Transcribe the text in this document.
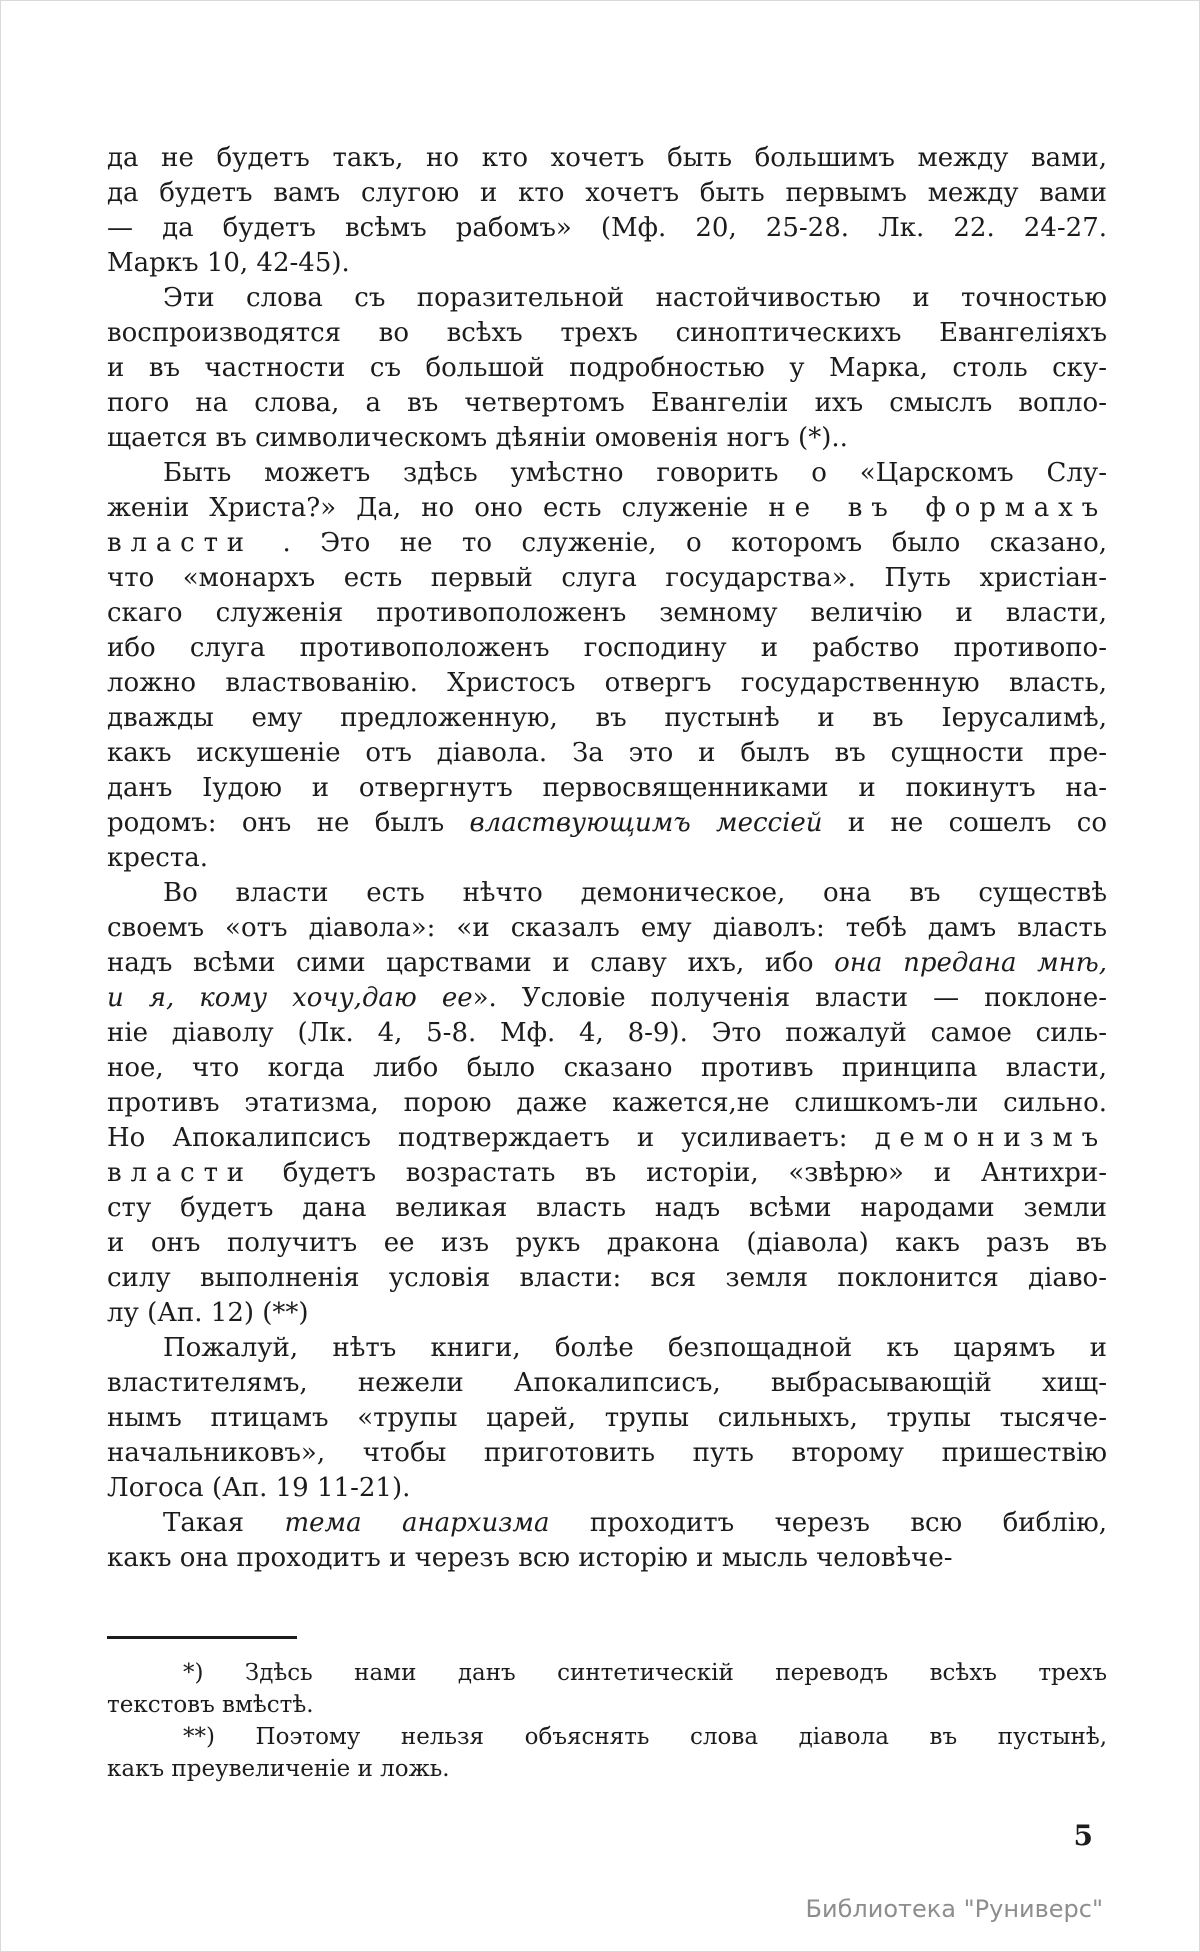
да не будетъ такъ, но кто хочетъ быть большимъ между вами,
да будетъ вамъ слугою и кто хочетъ быть первымъ между вами
— да будетъ всѣмъ рабомъ» (Мф. 20, 25-28. Лк. 22. 24-27.
Маркъ 10, 42-45).
Эти слова съ поразительной настойчивостью и точностью
воспроизводятся во всѣхъ трехъ синоптическихъ Евангеліяхъ
и въ частности съ большой подробностью у Марка, столь ску-
пого на слова, а въ четвертомъ Евангеліи ихъ смыслъ вопло-
щается въ символическомъ дѣяніи омовенія ногъ (*)..
Быть можетъ здѣсь умѣстно говорить о «Царскомъ Слу-
женіи Христа?» Да, но оно есть служеніе не въ формахъ
власти . Это не то служеніе, о которомъ было сказано,
что «монархъ есть первый слуга государства». Путь христіан-
скаго служенія противоположенъ земному величію и власти,
ибо слуга противоположенъ господину и рабство противопо-
ложно властвованію. Христосъ отвергъ государственную власть,
дважды ему предложенную, въ пустынѣ и въ Іерусалимѣ,
какъ искушеніе отъ діавола. За это и былъ въ сущности пре-
данъ Іудою и отвергнутъ первосвященниками и покинутъ на-
родомъ: онъ не былъ властвующимъ мессіей и не сошелъ со
креста.
Во власти есть нѣчто демоническое, она въ существѣ
своемъ «отъ діавола»: «и сказалъ ему діаволъ: тебѣ дамъ власть
надъ всѣми сими царствами и славу ихъ, ибо она предана мнѣ,
и я, кому хочу,даю ее». Условіе полученія власти — поклоне-
ніе діаволу (Лк. 4, 5-8. Мф. 4, 8-9). Это пожалуй самое силь-
ное, что когда либо было сказано противъ принципа власти,
противъ этатизма, порою даже кажется,не слишкомъ-ли сильно.
Но Апокалипсисъ подтверждаетъ и усиливаетъ: демонизмъ
власти будетъ возрастать въ исторіи, «звѣрю» и Антихри-
сту будетъ дана великая власть надъ всѣми народами земли
и онъ получитъ ее изъ рукъ дракона (діавола) какъ разъ въ
силу выполненія условія власти: вся земля поклонится діаво-
лу (Ап. 12) (**)
Пожалуй, нѣтъ книги, болѣе безпощадной къ царямъ и
властителямъ, нежели Апокалипсисъ, выбрасывающій хищ-
нымъ птицамъ «трупы царей, трупы сильныхъ, трупы тысяче-
начальниковъ», чтобы приготовить путь второму пришествію
Логоса (Ап. 19 11-21).
Такая тема анархизма проходитъ черезъ всю библію,
какъ она проходитъ и черезъ всю исторію и мысль человѣче-
*) Здѣсь нами данъ синтетическій переводъ всѣхъ трехъ
текстовъ вмѣстѣ.
**) Поэтому нельзя объяснять слова діавола въ пустынѣ,
какъ преувеличеніе и ложь.
5
Библиотека "Руниверс"
